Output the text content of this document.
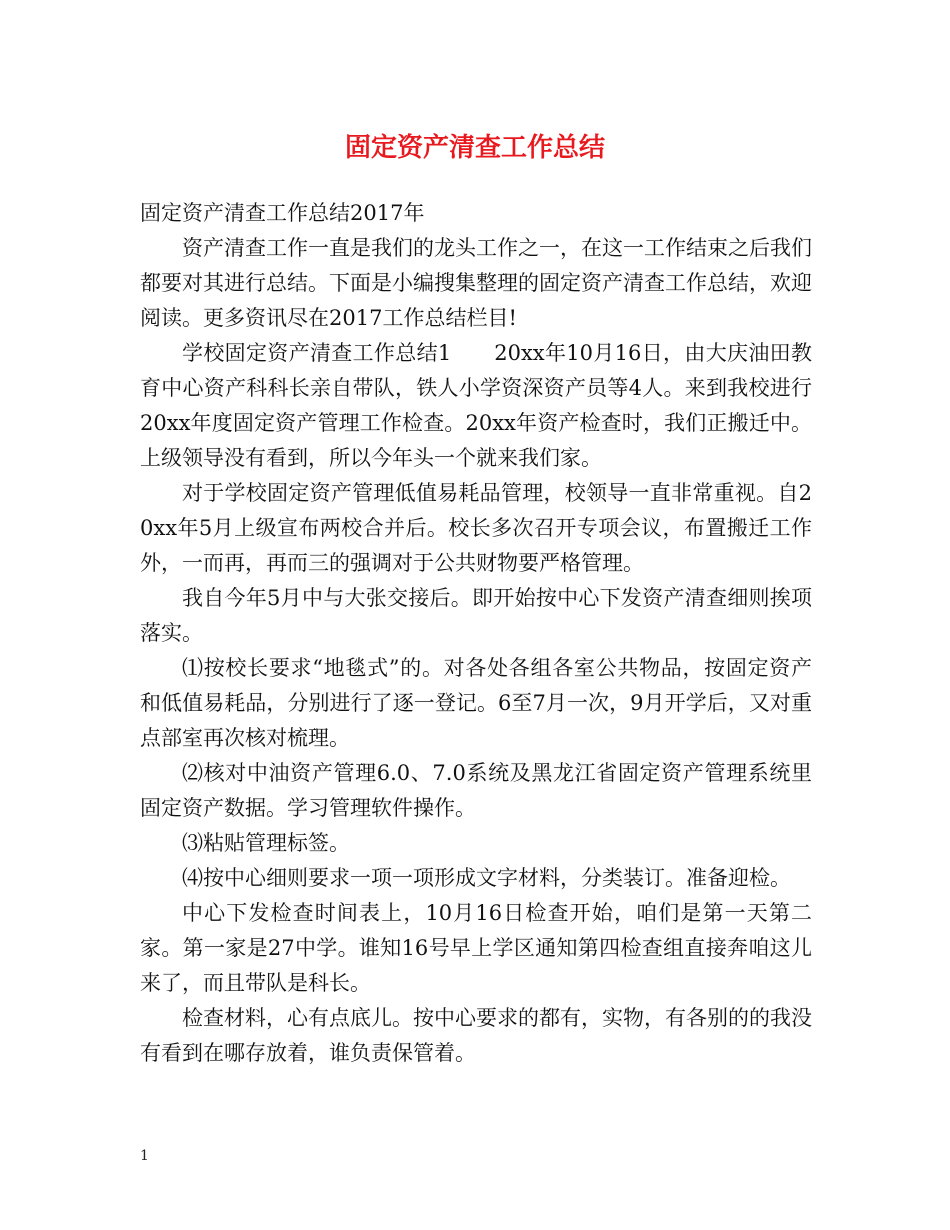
固定资产清查工作总结

固定资产清查工作总结2017年

资产清查工作一直是我们的龙头工作之一，在这一工作结束之后我们都要对其进行总结。下面是小编搜集整理的固定资产清查工作总结，欢迎阅读。更多资讯尽在2017工作总结栏目!

学校固定资产清查工作总结1　　20xx年10月16日，由大庆油田教育中心资产科科长亲自带队，铁人小学资深资产员等4人。来到我校进行20xx年度固定资产管理工作检查。20xx年资产检查时，我们正搬迁中。上级领导没有看到，所以今年头一个就来我们家。

对于学校固定资产管理低值易耗品管理，校领导一直非常重视。自20xx年5月上级宣布两校合并后。校长多次召开专项会议，布置搬迁工作外，一而再，再而三的强调对于公共财物要严格管理。

我自今年5月中与大张交接后。即开始按中心下发资产清查细则挨项落实。

⑴按校长要求“地毯式”的。对各处各组各室公共物品，按固定资产和低值易耗品，分别进行了逐一登记。6至7月一次，9月开学后，又对重点部室再次核对梳理。

⑵核对中油资产管理6.0、7.0系统及黑龙江省固定资产管理系统里固定资产数据。学习管理软件操作。

⑶粘贴管理标签。

⑷按中心细则要求一项一项形成文字材料，分类装订。准备迎检。

中心下发检查时间表上，10月16日检查开始，咱们是第一天第二家。第一家是27中学。谁知16号早上学区通知第四检查组直接奔咱这儿来了，而且带队是科长。

检查材料，心有点底儿。按中心要求的都有，实物，有各别的的我没有看到在哪存放着，谁负责保管着。

1
